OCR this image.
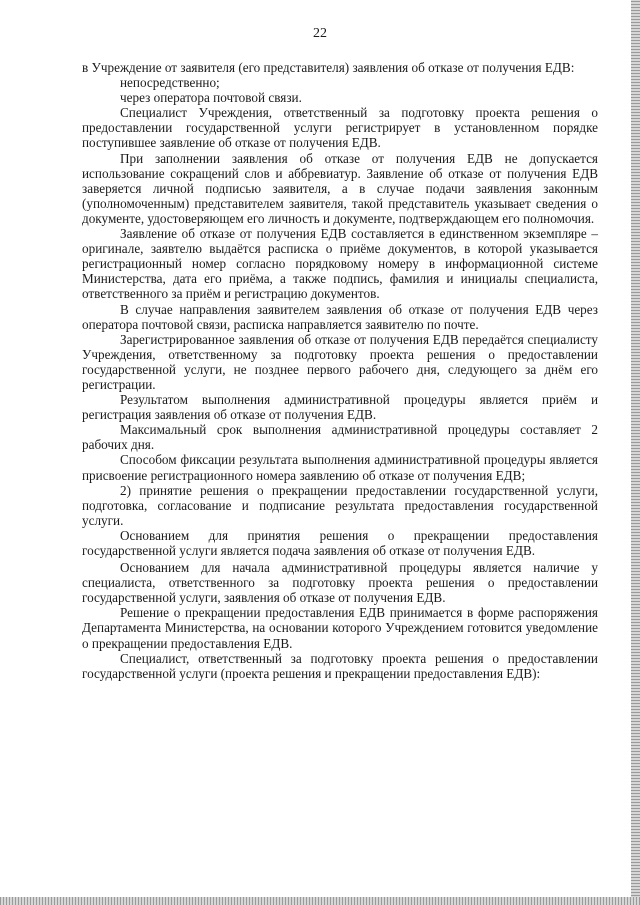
22

в Учреждение от заявителя (его представителя) заявления об отказе от получения ЕДВ:

непосредственно;

через оператора почтовой связи.

Специалист Учреждения, ответственный за подготовку проекта решения о предоставлении государственной услуги регистрирует в установленном порядке поступившее заявление об отказе от получения ЕДВ.

При заполнении заявления об отказе от получения ЕДВ не допускается использование сокращений слов и аббревиатур. Заявление об отказе от получения ЕДВ заверяется личной подписью заявителя, а в случае подачи заявления законным (уполномоченным) представителем заявителя, такой представитель указывает сведения о документе, удостоверяющем его личность и документе, подтверждающем его полномочия.

Заявление об отказе от получения ЕДВ составляется в единственном экземпляре – оригинале, заявтелю выдаётся расписка о приёме документов, в которой указывается регистрационный номер согласно порядковому номеру в информационной системе Министерства, дата его приёма, а также подпись, фамилия и инициалы специалиста, ответственного за приём и регистрацию документов.

В случае направления заявителем заявления об отказе от получения ЕДВ через оператора почтовой связи, расписка направляется заявителю по почте.

Зарегистрированное заявления об отказе от получения ЕДВ передаётся специалисту Учреждения, ответственному за подготовку проекта решения о предоставлении государственной услуги, не позднее первого рабочего дня, следующего за днём его регистрации.

Результатом выполнения административной процедуры является приём и регистрация заявления об отказе от получения ЕДВ.

Максимальный срок выполнения административной процедуры составляет 2 рабочих дня.

Способом фиксации результата выполнения административной процедуры является присвоение регистрационного номера заявлению об отказе от получения ЕДВ;

2) принятие решения о прекращении предоставлении государственной услуги, подготовка, согласование и подписание результата предоставления государственной услуги.

Основанием для принятия решения о прекращении предоставления государственной услуги является подача заявления об отказе от получения ЕДВ.

Основанием для начала административной процедуры является наличие у специалиста, ответственного за подготовку проекта решения о предоставлении государственной услуги, заявления об отказе от получения ЕДВ.

Решение о прекращении предоставления ЕДВ принимается в форме распоряжения Департамента Министерства, на основании которого Учреждением готовится уведомление о прекращении предоставления ЕДВ.

Специалист, ответственный за подготовку проекта решения о предоставлении государственной услуги (проекта решения и прекращении предоставления ЕДВ):
